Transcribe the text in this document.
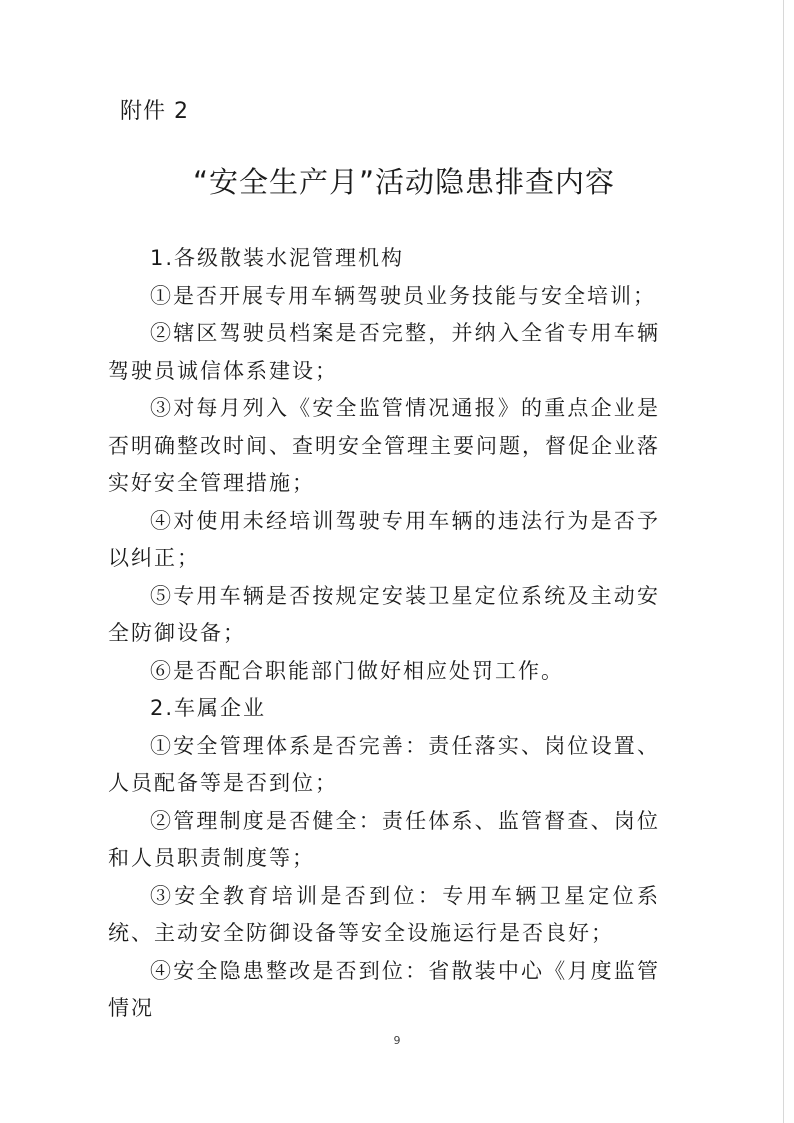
附件 2
“安全生产月”活动隐患排查内容

1.各级散装水泥管理机构

①是否开展专用车辆驾驶员业务技能与安全培训；

②辖区驾驶员档案是否完整，并纳入全省专用车辆驾驶员诚信体系建设；

③对每月列入《安全监管情况通报》的重点企业是否明确整改时间、查明安全管理主要问题，督促企业落实好安全管理措施；

④对使用未经培训驾驶专用车辆的违法行为是否予以纠正；

⑤专用车辆是否按规定安装卫星定位系统及主动安全防御设备；

⑥是否配合职能部门做好相应处罚工作。

2.车属企业

①安全管理体系是否完善：责任落实、岗位设置、人员配备等是否到位；

②管理制度是否健全：责任体系、监管督查、岗位和人员职责制度等；

③安全教育培训是否到位：专用车辆卫星定位系统、主动安全防御设备等安全设施运行是否良好；

④安全隐患整改是否到位：省散装中心《月度监管情况

9
